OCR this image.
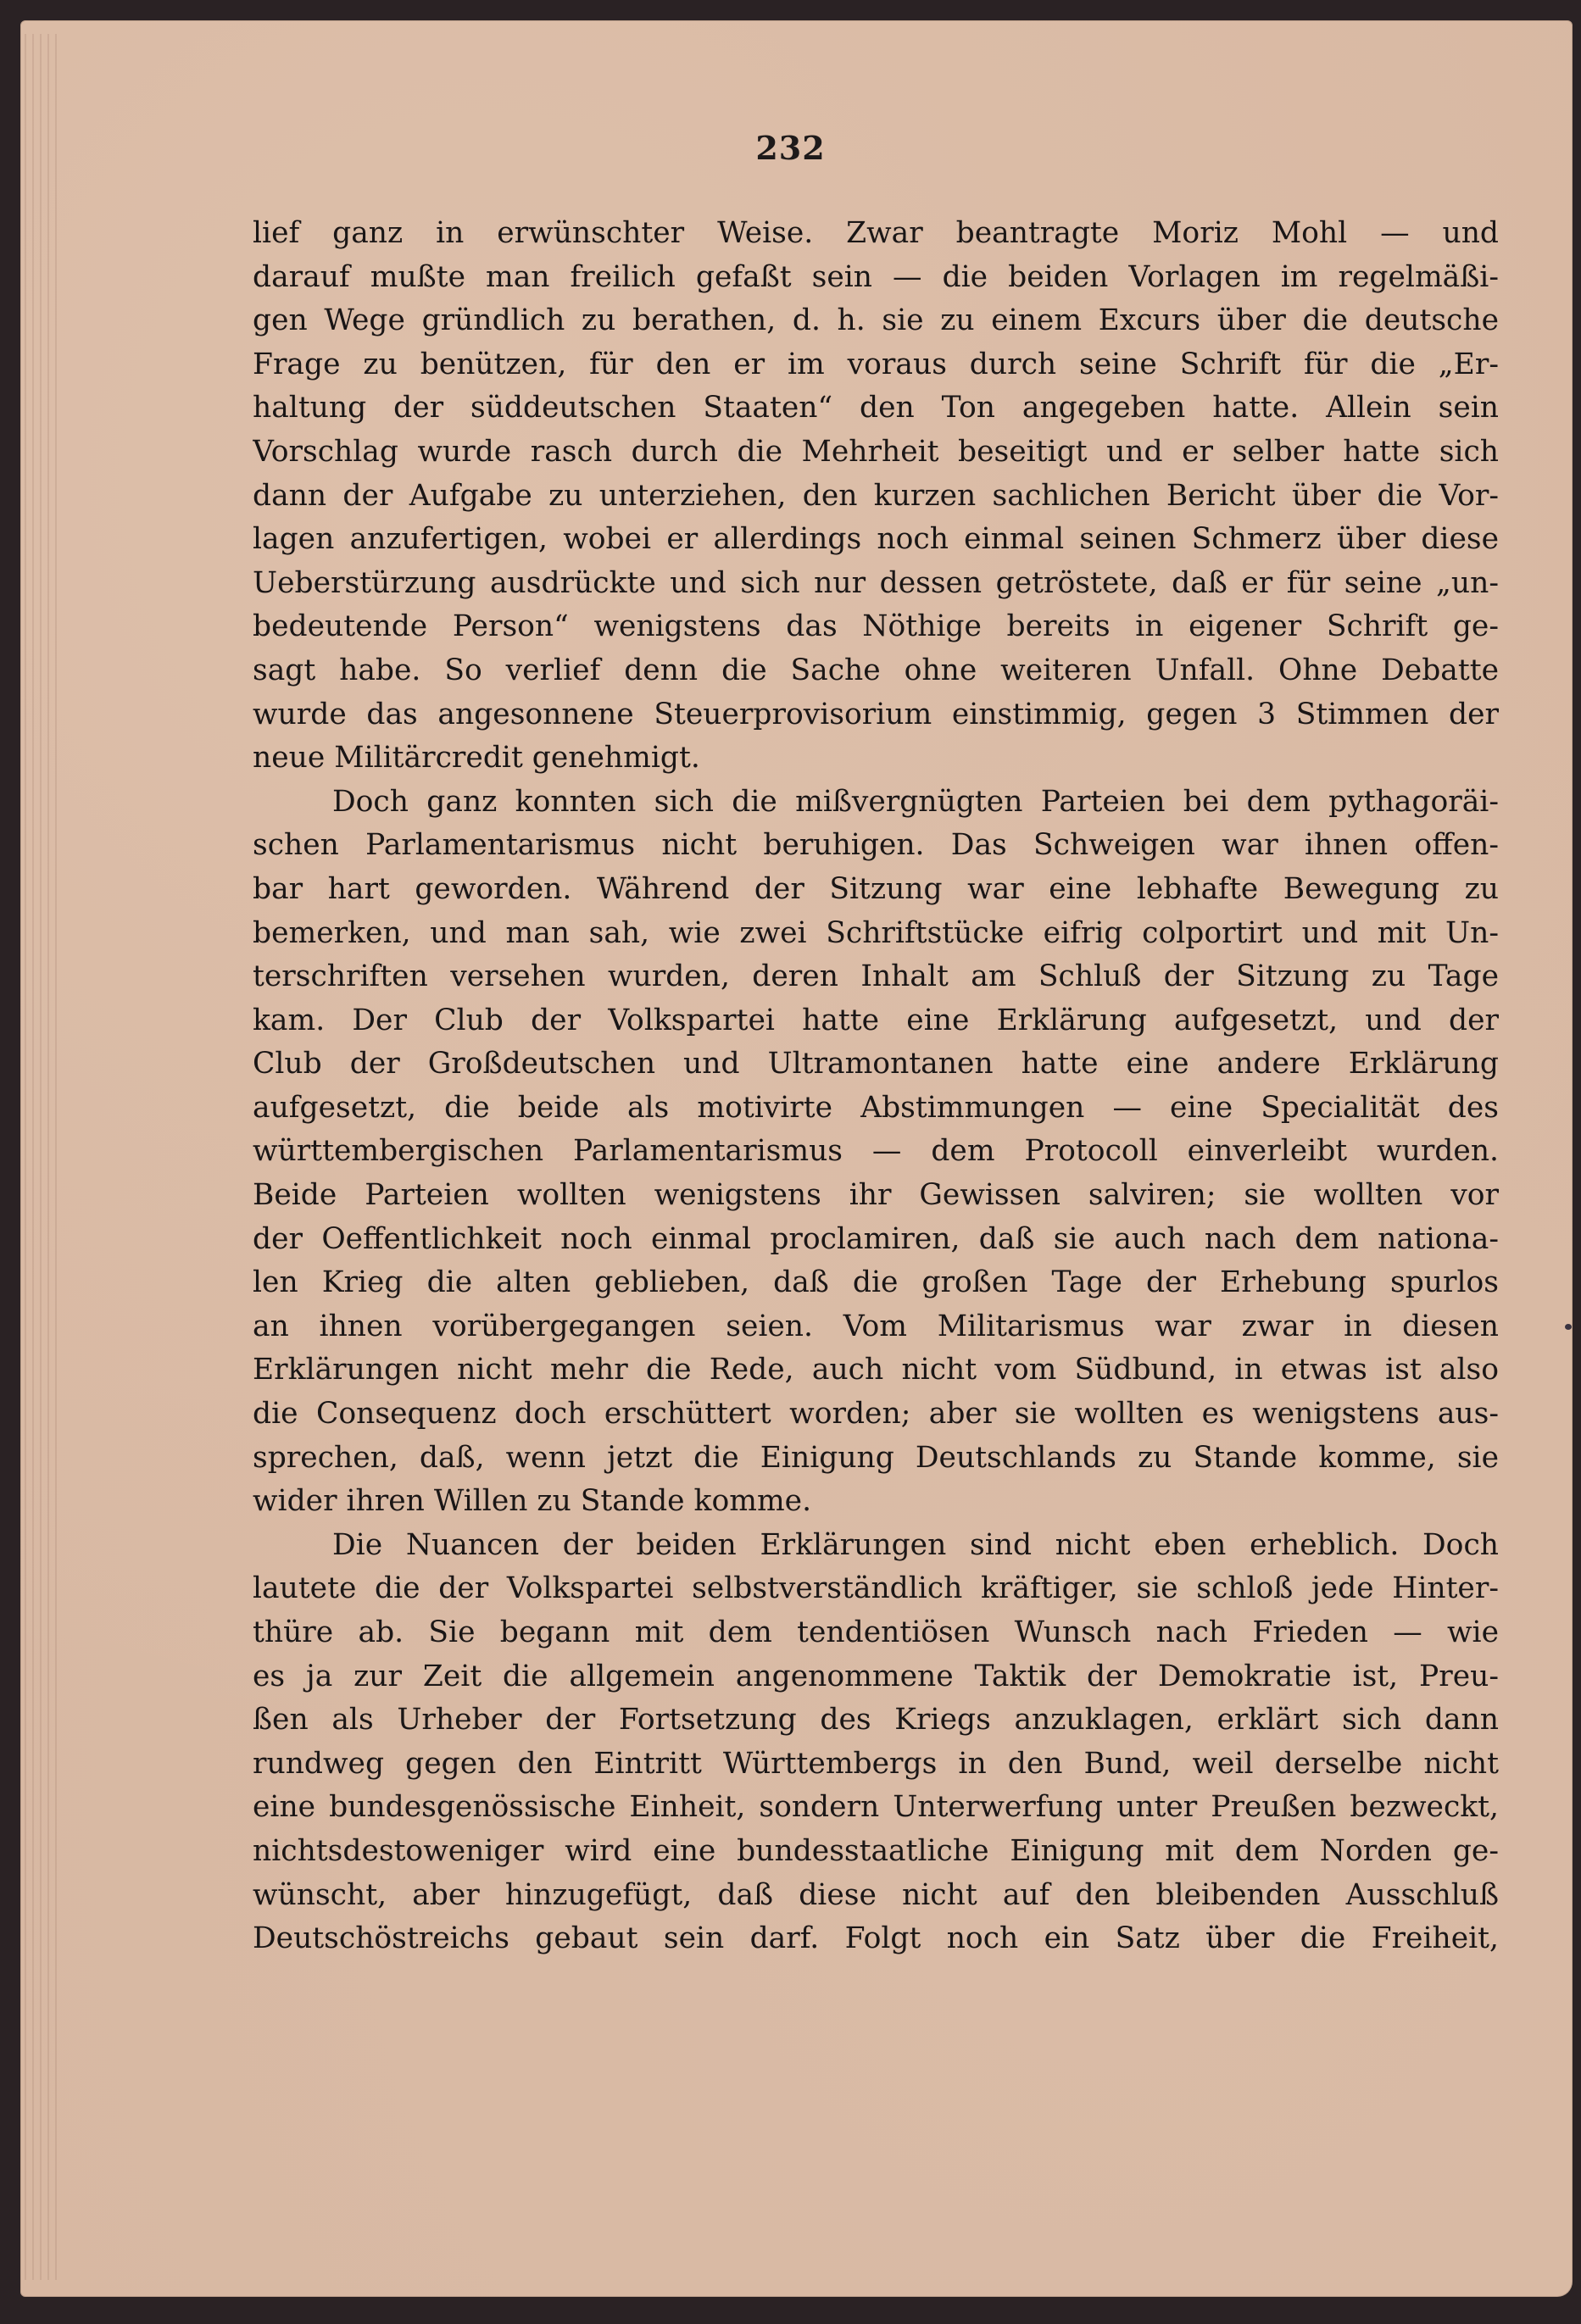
232
lief ganz in erwünschter Weise. Zwar beantragte Moriz Mohl — und
darauf mußte man freilich gefaßt sein — die beiden Vorlagen im regelmäßi-
gen Wege gründlich zu berathen, d. h. sie zu einem Excurs über die deutsche
Frage zu benützen, für den er im voraus durch seine Schrift für die „Er-
haltung der süddeutschen Staaten“ den Ton angegeben hatte. Allein sein
Vorschlag wurde rasch durch die Mehrheit beseitigt und er selber hatte sich
dann der Aufgabe zu unterziehen, den kurzen sachlichen Bericht über die Vor-
lagen anzufertigen, wobei er allerdings noch einmal seinen Schmerz über diese
Ueberstürzung ausdrückte und sich nur dessen getröstete, daß er für seine „un-
bedeutende Person“ wenigstens das Nöthige bereits in eigener Schrift ge-
sagt habe. So verlief denn die Sache ohne weiteren Unfall. Ohne Debatte
wurde das angesonnene Steuerprovisorium einstimmig, gegen 3 Stimmen der
neue Militärcredit genehmigt.
Doch ganz konnten sich die mißvergnügten Parteien bei dem pythagoräi-
schen Parlamentarismus nicht beruhigen. Das Schweigen war ihnen offen-
bar hart geworden. Während der Sitzung war eine lebhafte Bewegung zu
bemerken, und man sah, wie zwei Schriftstücke eifrig colportirt und mit Un-
terschriften versehen wurden, deren Inhalt am Schluß der Sitzung zu Tage
kam. Der Club der Volkspartei hatte eine Erklärung aufgesetzt, und der
Club der Großdeutschen und Ultramontanen hatte eine andere Erklärung
aufgesetzt, die beide als motivirte Abstimmungen — eine Specialität des
württembergischen Parlamentarismus — dem Protocoll einverleibt wurden.
Beide Parteien wollten wenigstens ihr Gewissen salviren; sie wollten vor
der Oeffentlichkeit noch einmal proclamiren, daß sie auch nach dem nationa-
len Krieg die alten geblieben, daß die großen Tage der Erhebung spurlos
an ihnen vorübergegangen seien. Vom Militarismus war zwar in diesen
Erklärungen nicht mehr die Rede, auch nicht vom Südbund, in etwas ist also
die Consequenz doch erschüttert worden; aber sie wollten es wenigstens aus-
sprechen, daß, wenn jetzt die Einigung Deutschlands zu Stande komme, sie
wider ihren Willen zu Stande komme.
Die Nuancen der beiden Erklärungen sind nicht eben erheblich. Doch
lautete die der Volkspartei selbstverständlich kräftiger, sie schloß jede Hinter-
thüre ab. Sie begann mit dem tendentiösen Wunsch nach Frieden — wie
es ja zur Zeit die allgemein angenommene Taktik der Demokratie ist, Preu-
ßen als Urheber der Fortsetzung des Kriegs anzuklagen, erklärt sich dann
rundweg gegen den Eintritt Württembergs in den Bund, weil derselbe nicht
eine bundesgenössische Einheit, sondern Unterwerfung unter Preußen bezweckt,
nichtsdestoweniger wird eine bundesstaatliche Einigung mit dem Norden ge-
wünscht, aber hinzugefügt, daß diese nicht auf den bleibenden Ausschluß
Deutschöstreichs gebaut sein darf. Folgt noch ein Satz über die Freiheit,
